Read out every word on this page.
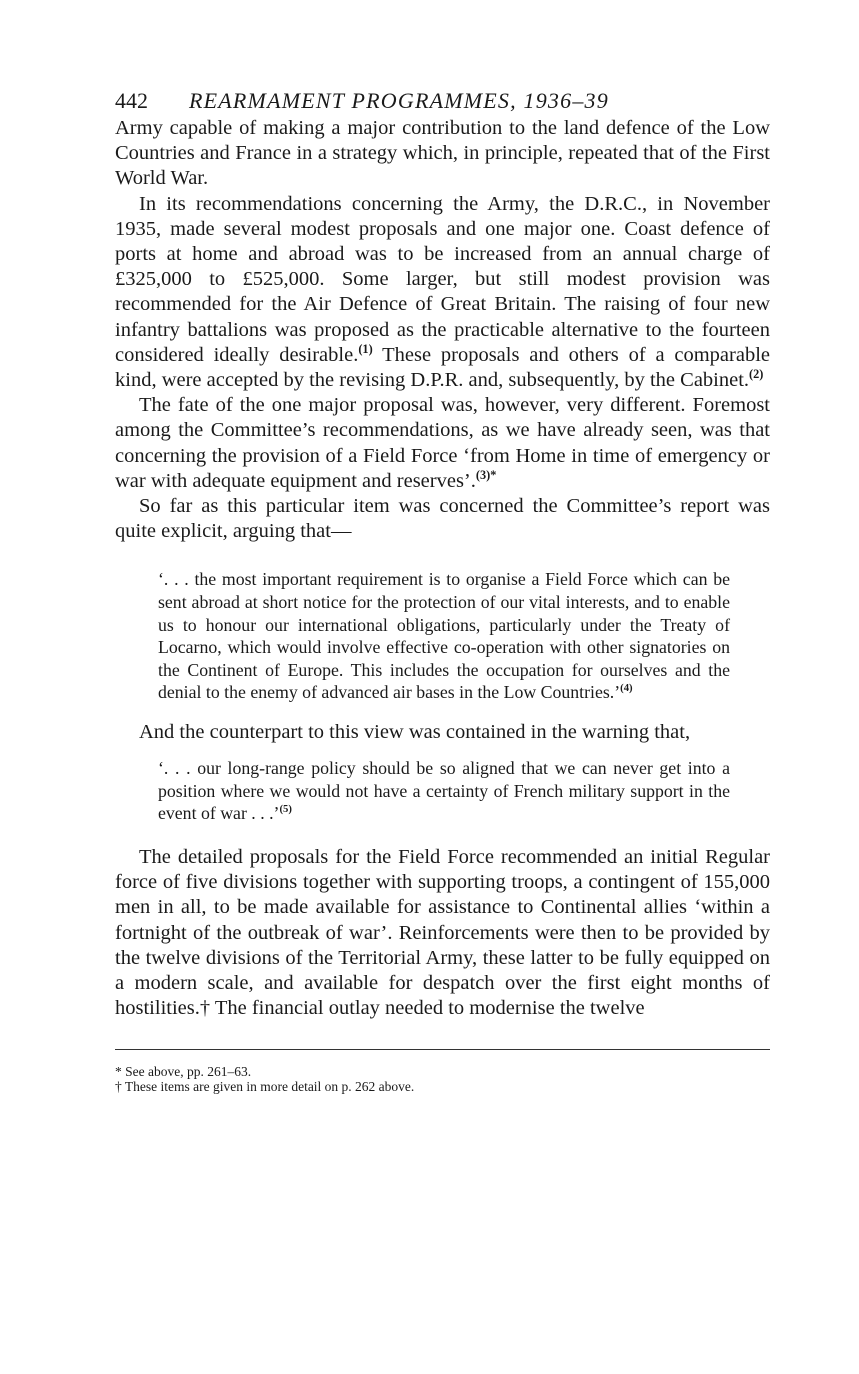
442 REARMAMENT PROGRAMMES, 1936–39

Army capable of making a major contribution to the land defence of the Low Countries and France in a strategy which, in principle, repeated that of the First World War.

In its recommendations concerning the Army, the D.R.C., in November 1935, made several modest proposals and one major one. Coast defence of ports at home and abroad was to be increased from an annual charge of £325,000 to £525,000. Some larger, but still modest provision was recommended for the Air Defence of Great Britain. The raising of four new infantry battalions was proposed as the practicable alternative to the fourteen considered ideally desirable.$^{(1)}$ These proposals and others of a comparable kind, were accepted by the revising D.P.R. and, subsequently, by the Cabinet.$^{(2)}$

The fate of the one major proposal was, however, very different. Foremost among the Committee’s recommendations, as we have already seen, was that concerning the provision of a Field Force ‘from Home in time of emergency or war with adequate equipment and reserves’.$^{(3)*}$

So far as this particular item was concerned the Committee’s report was quite explicit, arguing that—

‘. . . the most important requirement is to organise a Field Force which can be sent abroad at short notice for the protection of our vital interests, and to enable us to honour our international obligations, particularly under the Treaty of Locarno, which would involve effective co-operation with other signatories on the Continent of Europe. This includes the occupation for ourselves and the denial to the enemy of advanced air bases in the Low Countries.’$^{(4)}$

And the counterpart to this view was contained in the warning that,

‘. . . our long-range policy should be so aligned that we can never get into a position where we would not have a certainty of French military support in the event of war . . .’$^{(5)}$

The detailed proposals for the Field Force recommended an initial Regular force of five divisions together with supporting troops, a contingent of 155,000 men in all, to be made available for assistance to Continental allies ‘within a fortnight of the outbreak of war’. Reinforcements were then to be provided by the twelve divisions of the Territorial Army, these latter to be fully equipped on a modern scale, and available for despatch over the first eight months of hostilities.† The financial outlay needed to modernise the twelve

* See above, pp. 261–63.
† These items are given in more detail on p. 262 above.
